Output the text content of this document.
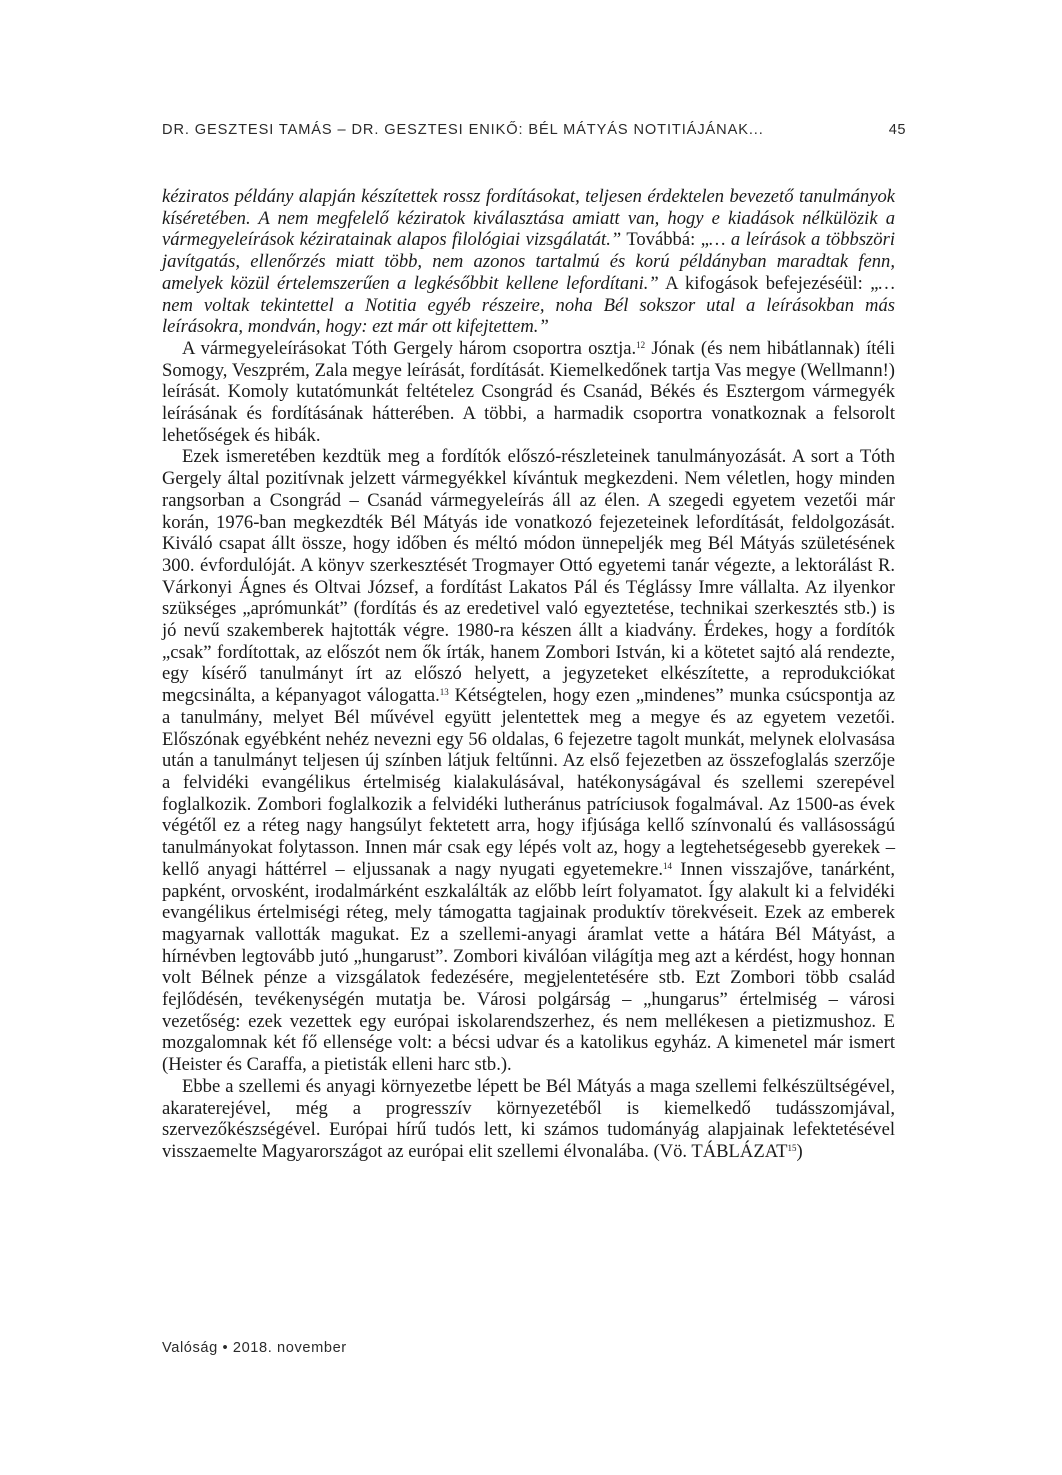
DR. GESZTESI TAMÁS – DR. GESZTESI ENIKŐ: BÉL MÁTYÁS NOTITIÁJÁNAK...	45

kéziratos példány alapján készítettek rossz fordításokat, teljesen érdektelen bevezető tanulmányok kíséretében. A nem megfelelő kéziratok kiválasztása amiatt van, hogy e kiadások nélkülözik a vármegyeleírások kéziratainak alapos filológiai vizsgálatát.” Továbbá: „… a leírások a többszöri javítgatás, ellenőrzés miatt több, nem azonos tartalmú és korú példányban maradtak fenn, amelyek közül értelemszerűen a legkésőbbit kellene lefordítani.” A kifogások befejezéséül: „… nem voltak tekintettel a Notitia egyéb részeire, noha Bél sokszor utal a leírásokban más leírásokra, mondván, hogy: ezt már ott kifejtettem.”

A vármegyeleírásokat Tóth Gergely három csoportra osztja.$^{12}$ Jónak (és nem hibátlannak) ítéli Somogy, Veszprém, Zala megye leírását, fordítását. Kiemelkedőnek tartja Vas megye (Wellmann!) leírását. Komoly kutatómunkát feltételez Csongrád és Csanád, Békés és Esztergom vármegyék leírásának és fordításának hátterében. A többi, a harmadik csoportra vonatkoznak a felsorolt lehetőségek és hibák.

Ezek ismeretében kezdtük meg a fordítók előszó-részleteinek tanulmányozását. A sort a Tóth Gergely által pozitívnak jelzett vármegyékkel kívántuk megkezdeni. Nem véletlen, hogy minden rangsorban a Csongrád – Csanád vármegyeleírás áll az élen. A szegedi egyetem vezetői már korán, 1976-ban megkezdték Bél Mátyás ide vonatkozó fejezeteinek lefordítását, feldolgozását. Kiváló csapat állt össze, hogy időben és méltó módon ünnepeljék meg Bél Mátyás születésének 300. évfordulóját. A könyv szerkesztését Trogmayer Ottó egyetemi tanár végezte, a lektorálást R. Várkonyi Ágnes és Oltvai József, a fordítást Lakatos Pál és Téglássy Imre vállalta. Az ilyenkor szükséges „aprómunkát” (fordítás és az eredetivel való egyeztetése, technikai szerkesztés stb.) is jó nevű szakemberek hajtották végre. 1980-ra készen állt a kiadvány. Érdekes, hogy a fordítók „csak” fordítottak, az előszót nem ők írták, hanem Zombori István, ki a kötetet sajtó alá rendezte, egy kísérő tanulmányt írt az előszó helyett, a jegyzeteket elkészítette, a reprodukciókat megcsinálta, a képanyagot válogatta.$^{13}$ Kétségtelen, hogy ezen „mindenes” munka csúcspontja az a tanulmány, melyet Bél művével együtt jelentettek meg a megye és az egyetem vezetői. Előszónak egyébként nehéz nevezni egy 56 oldalas, 6 fejezetre tagolt munkát, melynek elolvasása után a tanulmányt teljesen új színben látjuk feltűnni. Az első fejezetben az összefoglalás szerzője a felvidéki evangélikus értelmiség kialakulásával, hatékonyságával és szellemi szerepével foglalkozik. Zombori foglalkozik a felvidéki lutheránus patríciusok fogalmával. Az 1500-as évek végétől ez a réteg nagy hangsúlyt fektetett arra, hogy ifjúsága kellő színvonalú és vallásosságú tanulmányokat folytasson. Innen már csak egy lépés volt az, hogy a legtehetségesebb gyerekek – kellő anyagi háttérrel – eljussanak a nagy nyugati egyetemekre.$^{14}$ Innen visszajőve, tanárként, papként, orvosként, irodalmárként eszkalálták az előbb leírt folyamatot. Így alakult ki a felvidéki evangélikus értelmiségi réteg, mely támogatta tagjainak produktív törekvéseit. Ezek az emberek magyarnak vallották magukat. Ez a szellemi-anyagi áramlat vette a hátára Bél Mátyást, a hírnévben legtovább jutó „hungarust”. Zombori kiválóan világítja meg azt a kérdést, hogy honnan volt Bélnek pénze a vizsgálatok fedezésére, megjelentetésére stb. Ezt Zombori több család fejlődésén, tevékenységén mutatja be. Városi polgárság – „hungarus” értelmiség – városi vezetőség: ezek vezettek egy európai iskolarendszerhez, és nem mellékesen a pietizmushoz. E mozgalomnak két fő ellensége volt: a bécsi udvar és a katolikus egyház. A kimenetel már ismert (Heister és Caraffa, a pietisták elleni harc stb.).

Ebbe a szellemi és anyagi környezetbe lépett be Bél Mátyás a maga szellemi felkészültségével, akaraterejével, még a progresszív környezetéből is kiemelkedő tudásszomjával, szervezőkészségével. Európai hírű tudós lett, ki számos tudományág alapjainak lefektetésével visszaemelte Magyarországot az európai elit szellemi élvonalába. (Vö. TÁBLÁZAT$^{15}$)

Valóság • 2018. november
